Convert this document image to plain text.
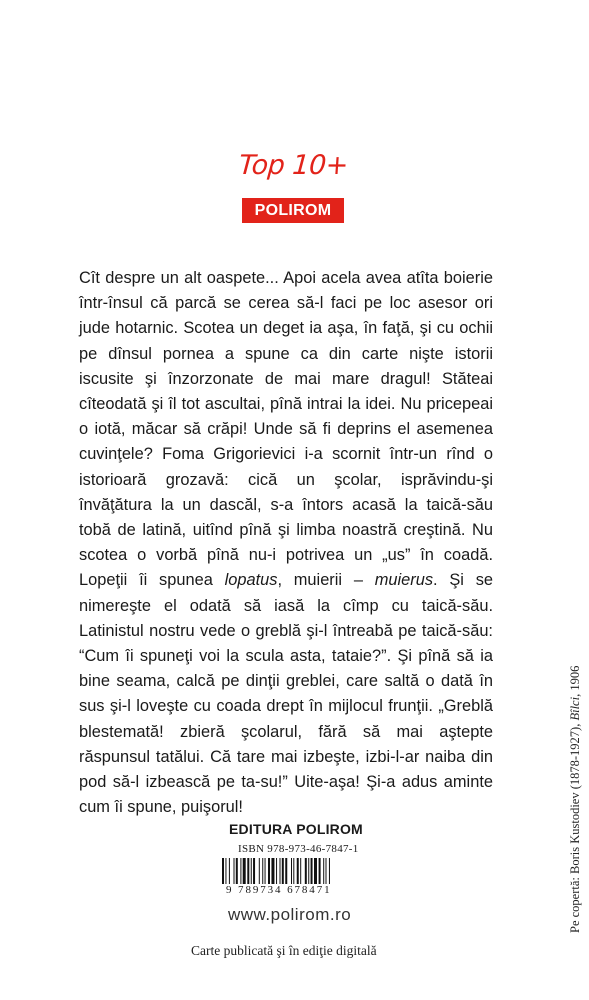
Top 10+
POLIROM

Cît despre un alt oaspete... Apoi acela avea atîta boierie într-însul că parcă se cerea să-l faci pe loc asesor ori jude hotarnic. Scotea un deget ia aşa, în faţă, şi cu ochii pe dînsul pornea a spune ca din carte nişte istorii iscusite şi înzorzonate de mai mare dragul! Stăteai cîteodată şi îl tot ascultai, pînă intrai la idei. Nu pricepeai o iotă, măcar să crăpi! Unde să fi deprins el asemenea cuvinţele? Foma Grigorievici i-a scornit într-un rînd o istorioară grozavă: cică un şcolar, isprăvindu-şi învăţătura la un dascăl, s-a întors acasă la taică-său tobă de latină, uitînd pînă şi limba noastră creştină. Nu scotea o vorbă pînă nu-i potrivea un „us” în coadă. Lopeţii îi spunea lopatus, muierii – muierus. Şi se nimereşte el odată să iasă la cîmp cu taică-său. Latinistul nostru vede o greblă şi-l întreabă pe taică-său: “Cum îi spuneţi voi la scula asta, tataie?”. Şi pînă să ia bine seama, calcă pe dinţii greblei, care saltă o dată în sus şi-l loveşte cu coada drept în mijlocul frunţii. „Greblă blestemată! zbieră şcolarul, fără să mai aştepte răspunsul tatălui. Că tare mai izbeşte, izbi-l-ar naiba din pod să-l izbească pe ta-su!” Uite-aşa! Şi-a adus aminte cum îi spune, puişorul!

EDITURA POLIROM
ISBN 978-973-46-7847-1
9 789734 678471
www.polirom.ro
Carte publicată şi în ediţie digitală
Pe copertă: Boris Kustodiev (1878-1927), Bîlci, 1906
